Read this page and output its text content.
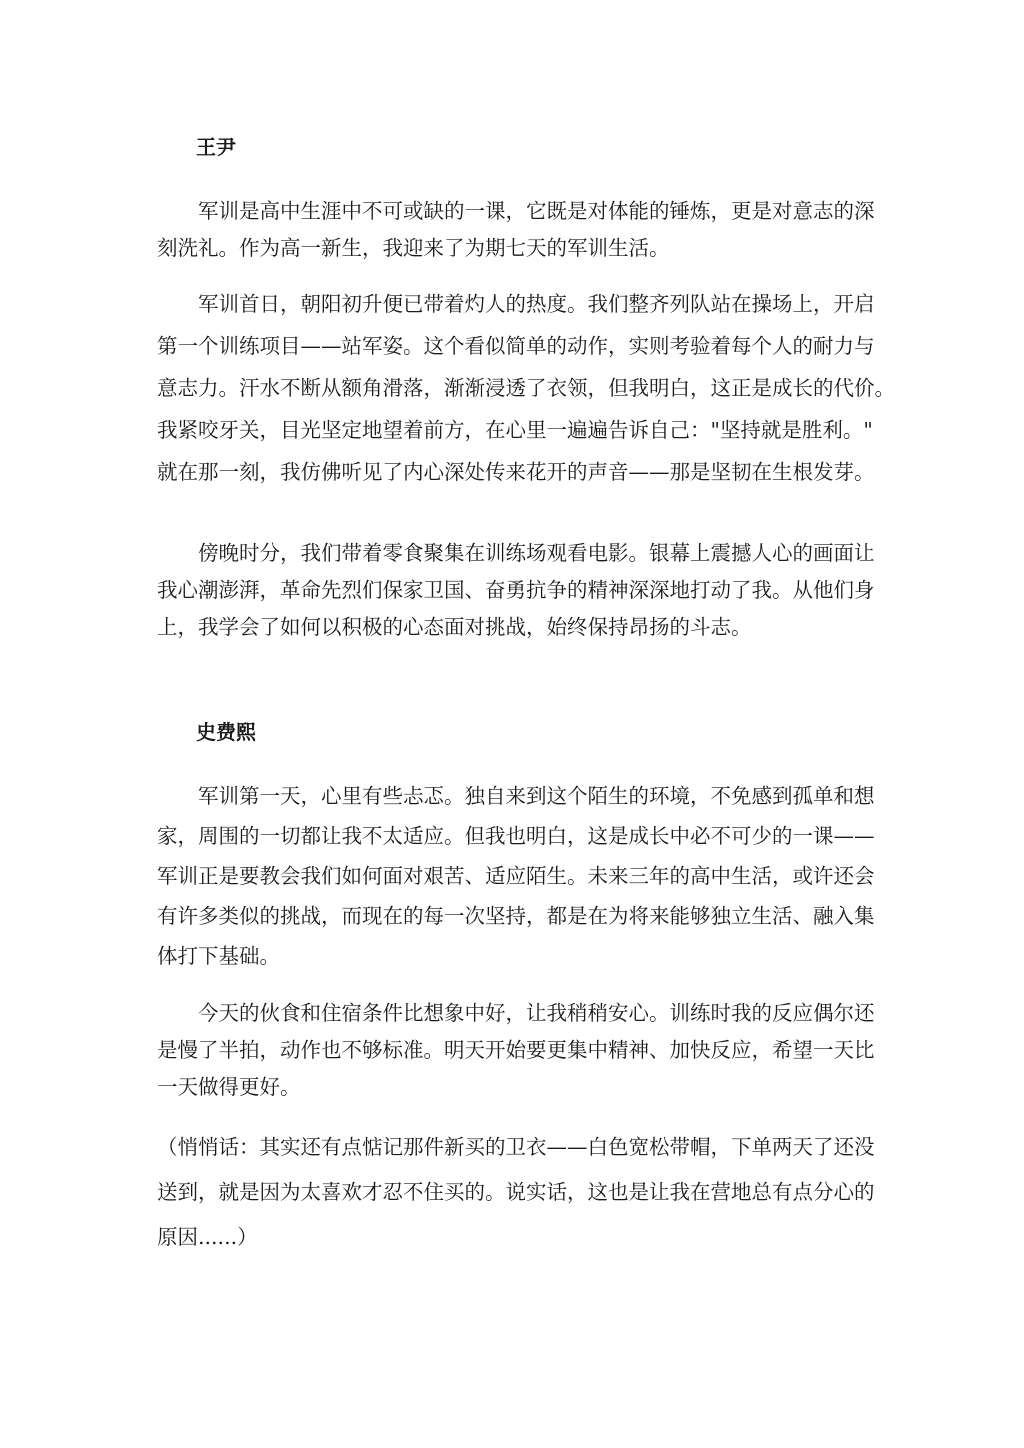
王尹
军训是高中生涯中不可或缺的一课，它既是对体能的锤炼，更是对意志的深
刻洗礼。作为高一新生，我迎来了为期七天的军训生活。
军训首日，朝阳初升便已带着灼人的热度。我们整齐列队站在操场上，开启
第一个训练项目——站军姿。这个看似简单的动作，实则考验着每个人的耐力与
意志力。汗水不断从额角滑落，渐渐浸透了衣领，但我明白，这正是成长的代价。
我紧咬牙关，目光坚定地望着前方，在心里一遍遍告诉自己："坚持就是胜利。"
就在那一刻，我仿佛听见了内心深处传来花开的声音——那是坚韧在生根发芽。
傍晚时分，我们带着零食聚集在训练场观看电影。银幕上震撼人心的画面让
我心潮澎湃，革命先烈们保家卫国、奋勇抗争的精神深深地打动了我。从他们身
上，我学会了如何以积极的心态面对挑战，始终保持昂扬的斗志。
史费熙
军训第一天，心里有些忐忑。独自来到这个陌生的环境，不免感到孤单和想
家，周围的一切都让我不太适应。但我也明白，这是成长中必不可少的一课——
军训正是要教会我们如何面对艰苦、适应陌生。未来三年的高中生活，或许还会
有许多类似的挑战，而现在的每一次坚持，都是在为将来能够独立生活、融入集
体打下基础。
今天的伙食和住宿条件比想象中好，让我稍稍安心。训练时我的反应偶尔还
是慢了半拍，动作也不够标准。明天开始要更集中精神、加快反应，希望一天比
一天做得更好。
（悄悄话：其实还有点惦记那件新买的卫衣——白色宽松带帽，下单两天了还没
送到，就是因为太喜欢才忍不住买的。说实话，这也是让我在营地总有点分心的
原因......）
